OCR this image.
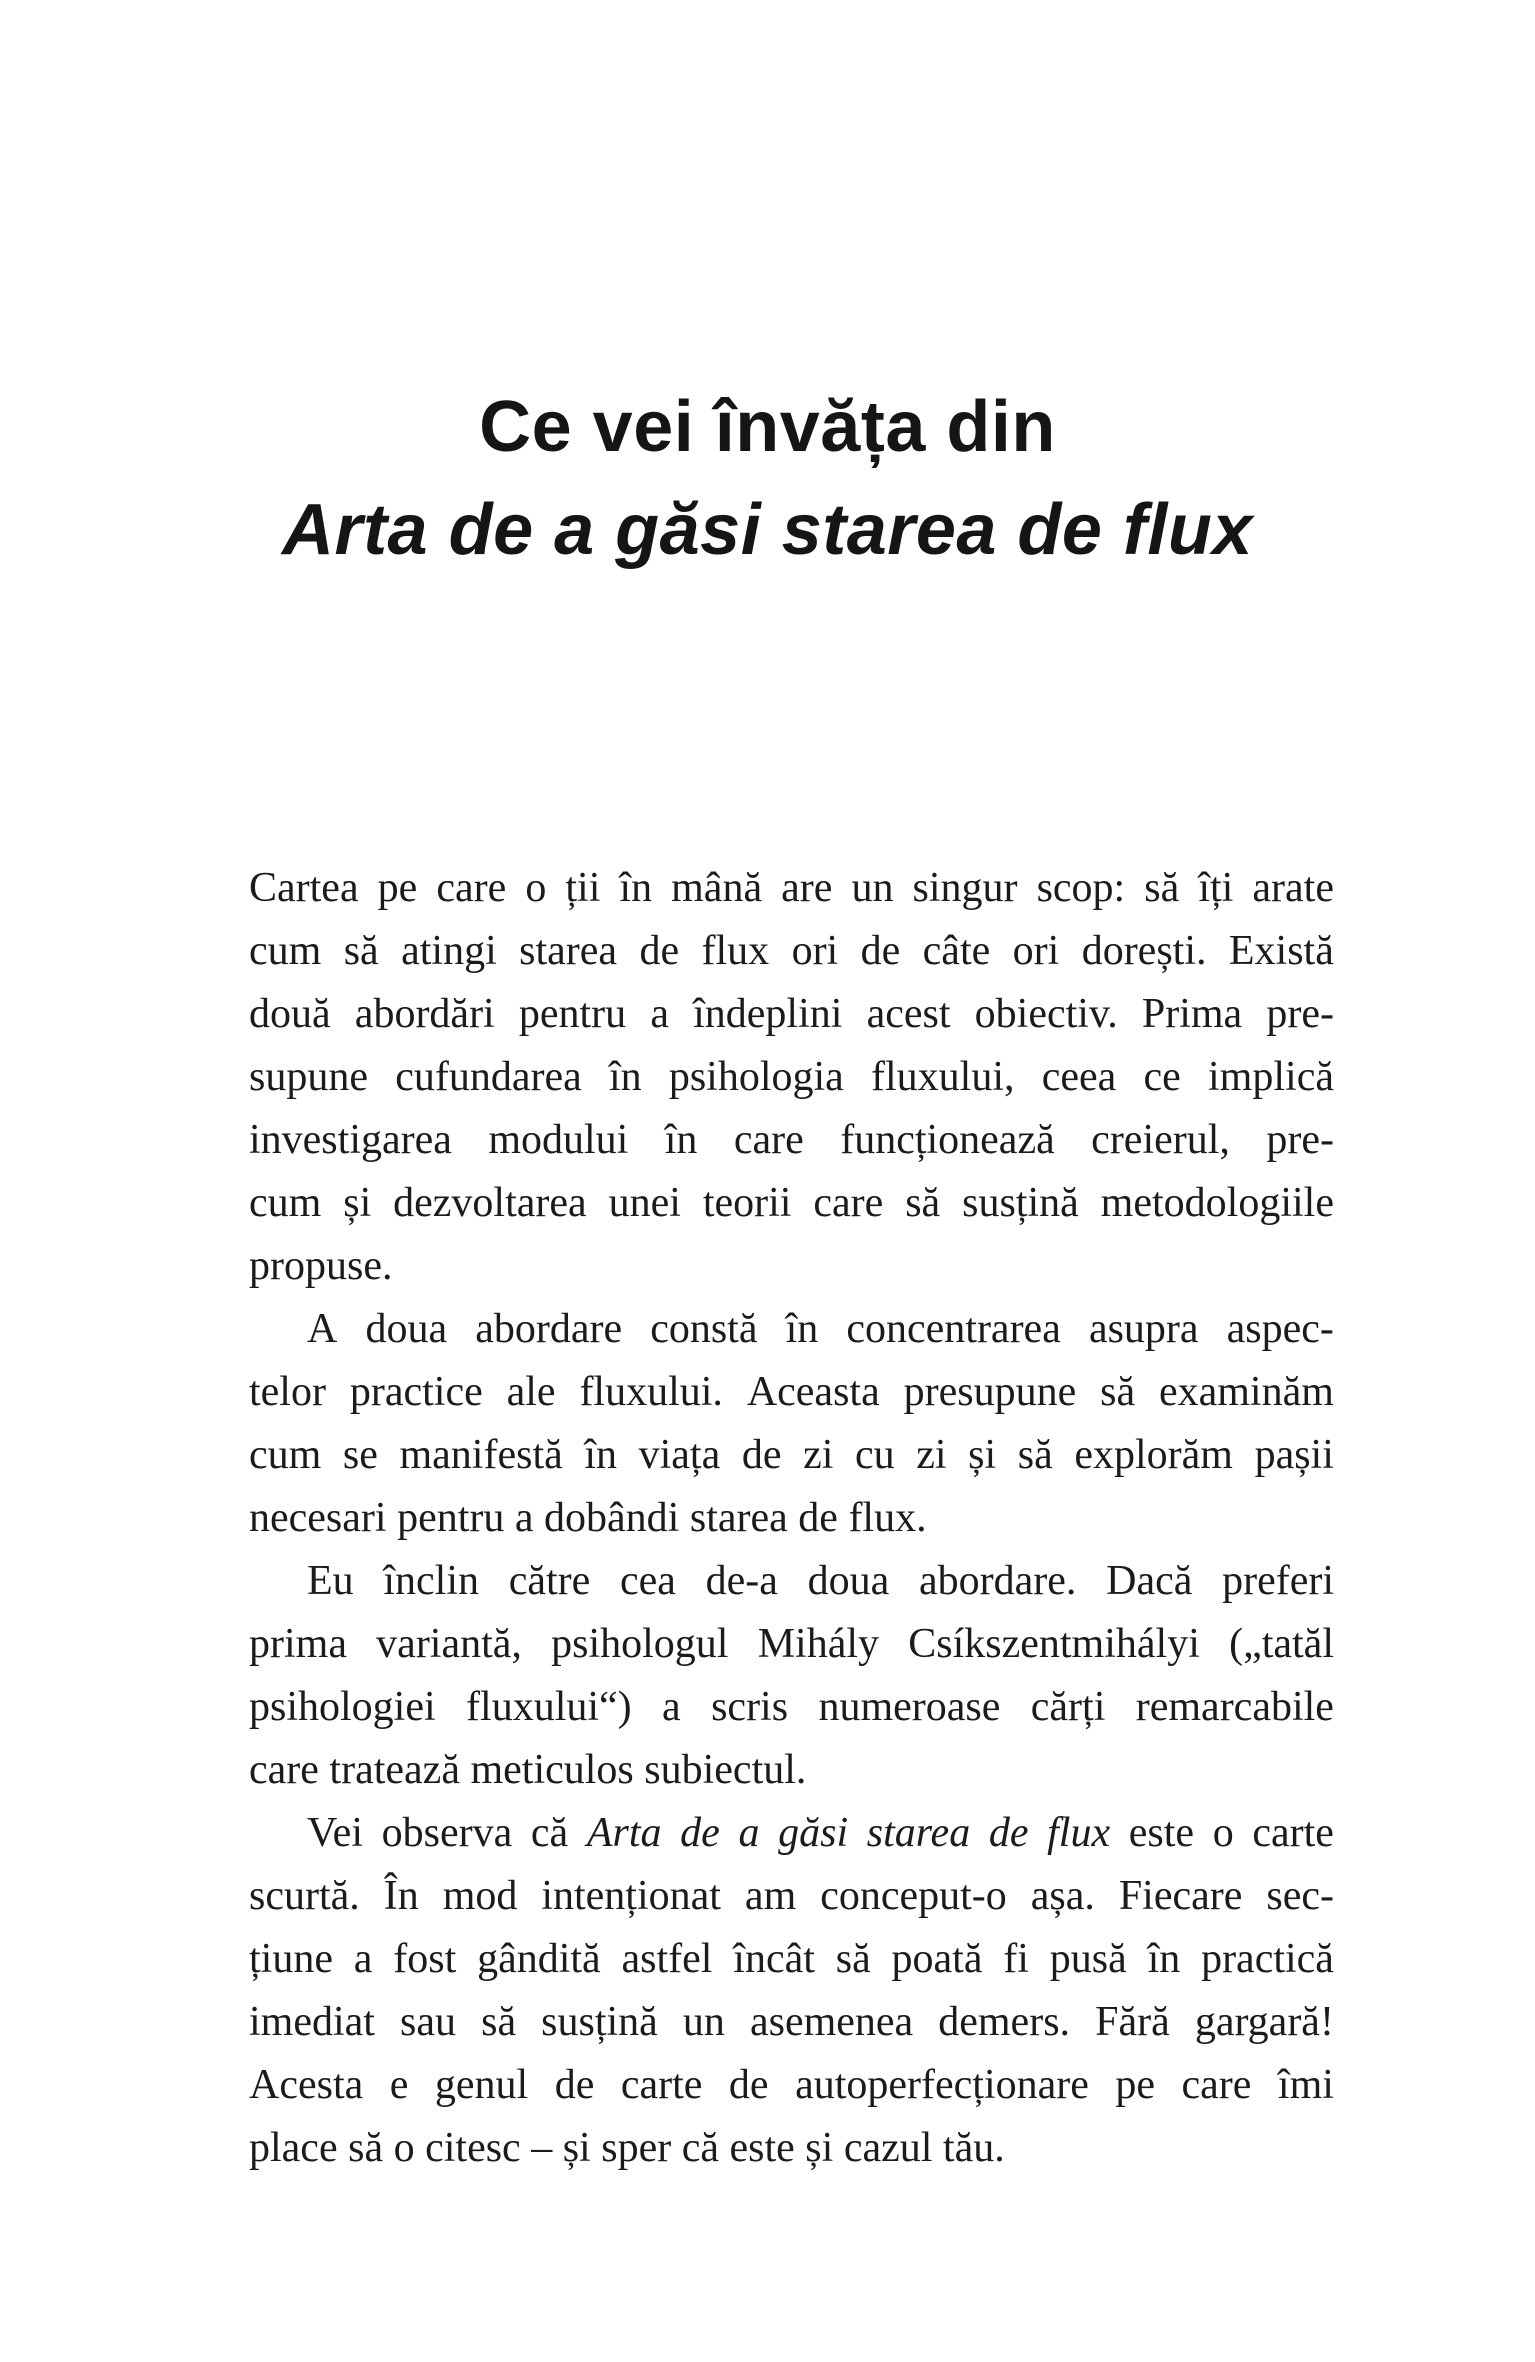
Ce vei învăța din
Arta de a găsi starea de flux
Cartea pe care o ții în mână are un singur scop: să îți arate
cum să atingi starea de flux ori de câte ori dorești. Există
două abordări pentru a îndeplini acest obiectiv. Prima pre-
supune cufundarea în psihologia fluxului, ceea ce implică
investigarea modului în care funcționează creierul, pre-
cum și dezvoltarea unei teorii care să susțină metodologiile
propuse.
A doua abordare constă în concentrarea asupra aspec-
telor practice ale fluxului. Aceasta presupune să examinăm
cum se manifestă în viața de zi cu zi și să explorăm pașii
necesari pentru a dobândi starea de flux.
Eu înclin către cea de-a doua abordare. Dacă preferi
prima variantă, psihologul Mihály Csíkszentmihályi („tatăl
psihologiei fluxului“) a scris numeroase cărți remarcabile
care tratează meticulos subiectul.
Vei observa că Arta de a găsi starea de flux este o carte
scurtă. În mod intenționat am conceput-o așa. Fiecare sec-
țiune a fost gândită astfel încât să poată fi pusă în practică
imediat sau să susțină un asemenea demers. Fără gargară!
Acesta e genul de carte de autoperfecționare pe care îmi
place să o citesc – și sper că este și cazul tău.
